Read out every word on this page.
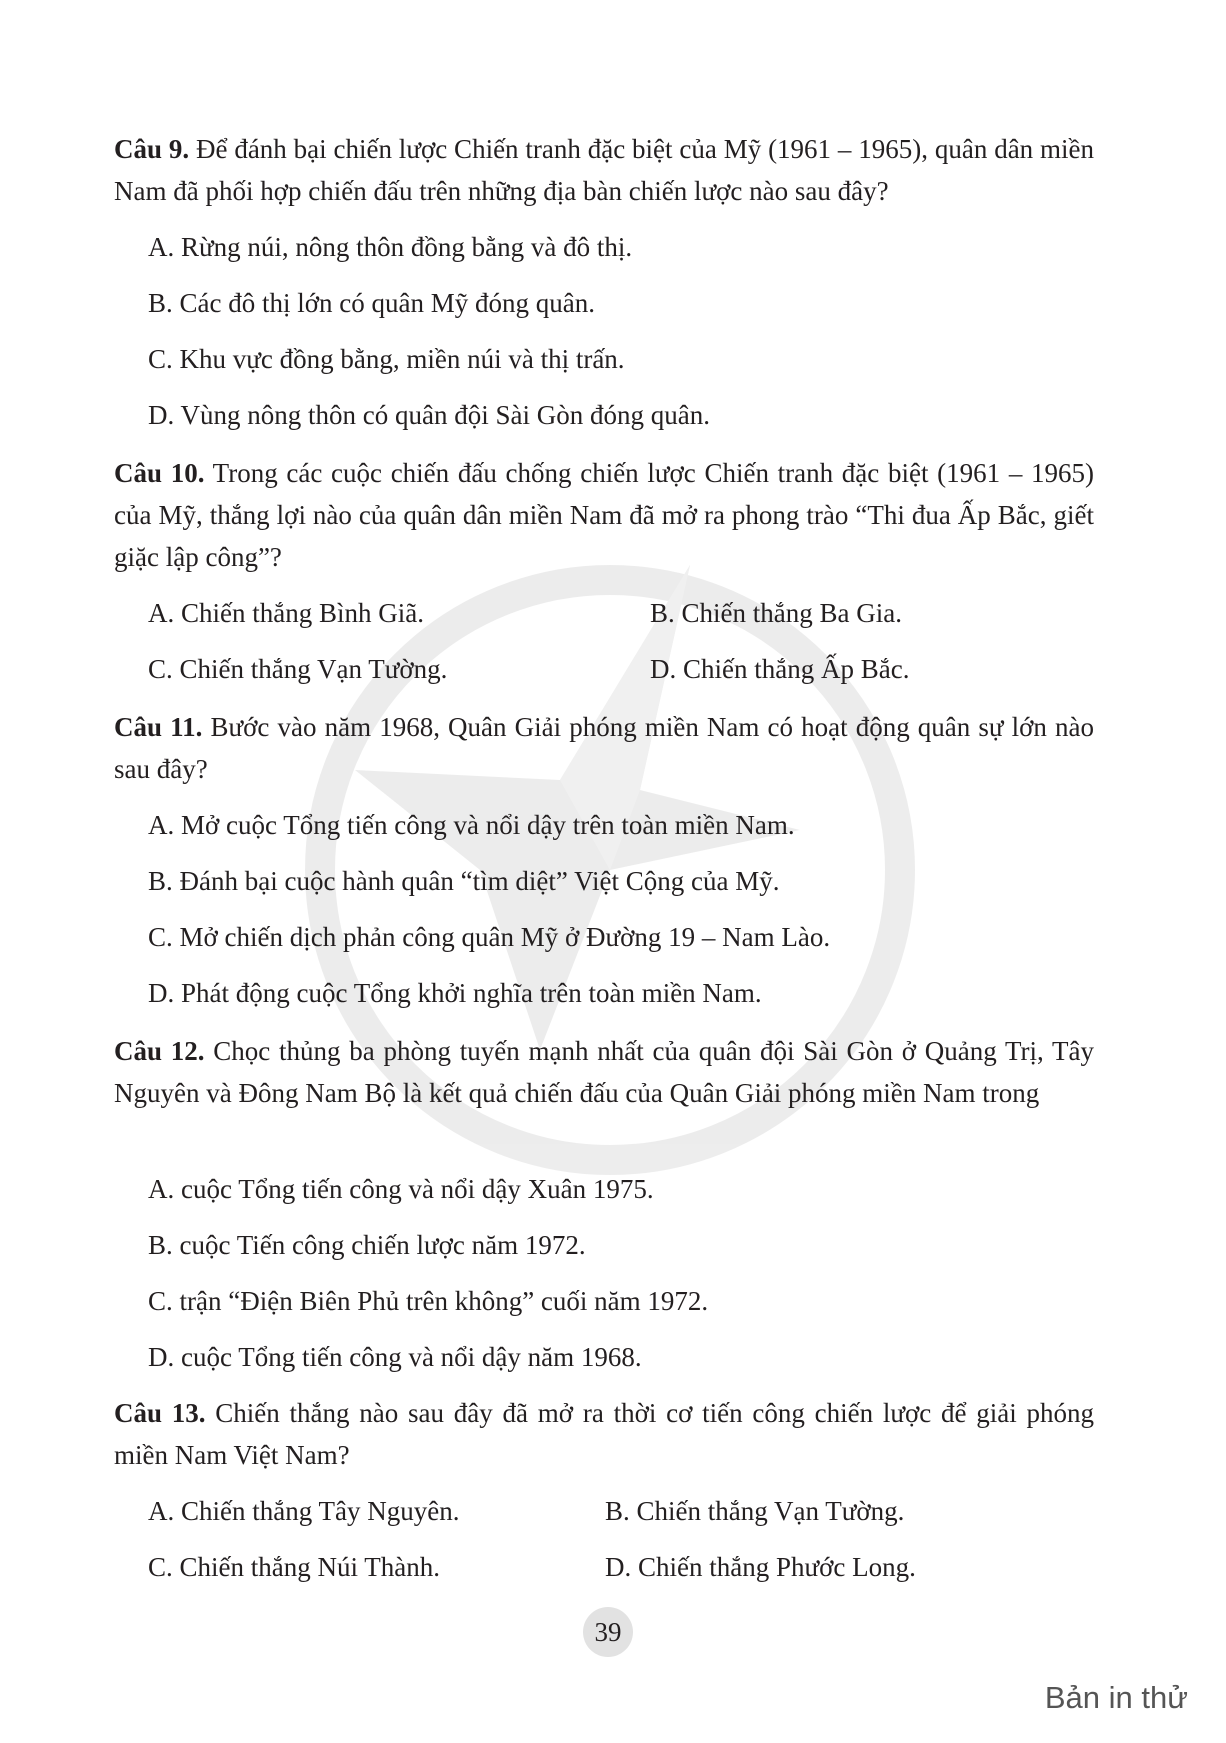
Câu 9. Để đánh bại chiến lược Chiến tranh đặc biệt của Mỹ (1961 – 1965), quân dân miền Nam đã phối hợp chiến đấu trên những địa bàn chiến lược nào sau đây?
A. Rừng núi, nông thôn đồng bằng và đô thị.
B. Các đô thị lớn có quân Mỹ đóng quân.
C. Khu vực đồng bằng, miền núi và thị trấn.
D. Vùng nông thôn có quân đội Sài Gòn đóng quân.
Câu 10. Trong các cuộc chiến đấu chống chiến lược Chiến tranh đặc biệt (1961 – 1965) của Mỹ, thắng lợi nào của quân dân miền Nam đã mở ra phong trào “Thi đua Ấp Bắc, giết giặc lập công”?
A. Chiến thắng Bình Giã.	B. Chiến thắng Ba Gia.
C. Chiến thắng Vạn Tường.	D. Chiến thắng Ấp Bắc.
Câu 11. Bước vào năm 1968, Quân Giải phóng miền Nam có hoạt động quân sự lớn nào sau đây?
A. Mở cuộc Tổng tiến công và nổi dậy trên toàn miền Nam.
B. Đánh bại cuộc hành quân “tìm diệt” Việt Cộng của Mỹ.
C. Mở chiến dịch phản công quân Mỹ ở Đường 19 – Nam Lào.
D. Phát động cuộc Tổng khởi nghĩa trên toàn miền Nam.
Câu 12. Chọc thủng ba phòng tuyến mạnh nhất của quân đội Sài Gòn ở Quảng Trị, Tây Nguyên và Đông Nam Bộ là kết quả chiến đấu của Quân Giải phóng miền Nam trong
A. cuộc Tổng tiến công và nổi dậy Xuân 1975.
B. cuộc Tiến công chiến lược năm 1972.
C. trận “Điện Biên Phủ trên không” cuối năm 1972.
D. cuộc Tổng tiến công và nổi dậy năm 1968.
Câu 13. Chiến thắng nào sau đây đã mở ra thời cơ tiến công chiến lược để giải phóng miền Nam Việt Nam?
A. Chiến thắng Tây Nguyên.	B. Chiến thắng Vạn Tường.
C. Chiến thắng Núi Thành.	D. Chiến thắng Phước Long.
39
Bản in thử
